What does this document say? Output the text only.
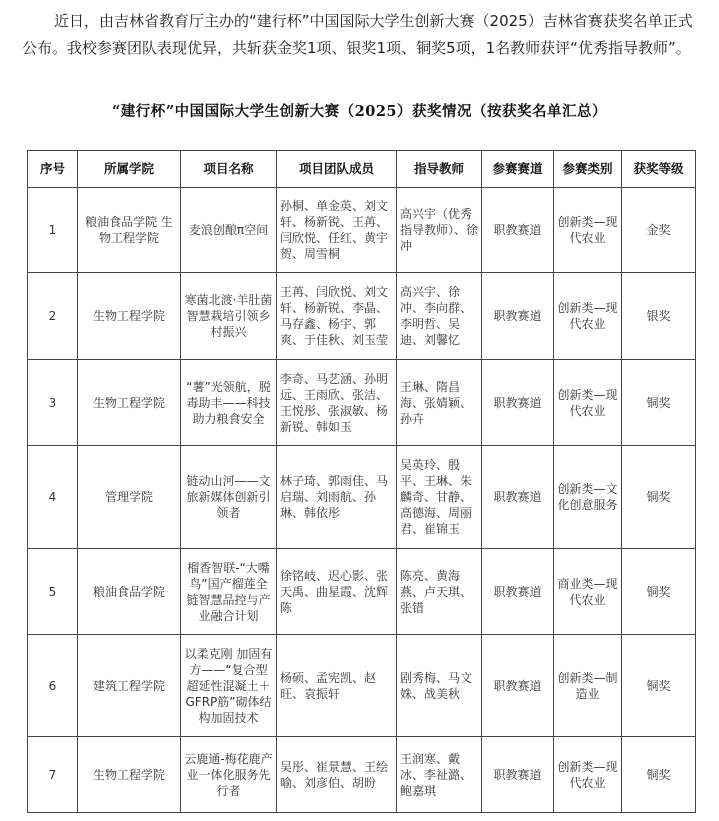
近日，由吉林省教育厅主办的“建行杯”中国国际大学生创新大赛（2025）吉林省赛获奖名单正式公布。我校参赛团队表现优异，共斩获金奖1项、银奖1项、铜奖5项，1名教师获评“优秀指导教师”。

“建行杯”中国国际大学生创新大赛（2025）获奖情况（按获奖名单汇总）
序号	所属学院	项目名称	项目团队成员	指导教师	参赛赛道	参赛类别	获奖等级
1	粮油食品学院 生物工程学院	麦浪创酿π空间	孙桐、单金英、刘文轩、杨新锐、王苒、闫欣悦、任红、黄宇贺、周雪桐	高兴宇（优秀指导教师）、徐 冲	职教赛道	创新类—现代农业	金奖
2	生物工程学院	寒菌北渡·羊肚菌智慧栽培引领乡村振兴	王苒、闫欣悦、刘文轩、杨新锐、李晶、马存鑫、杨宇、郭爽、于佳秋、刘玉莹	高兴宇、徐冲、李向群、李明哲、吴迪、刘馨忆	职教赛道	创新类—现代农业	银奖
3	生物工程学院	“薯”光领航，脱毒助丰——科技助力粮食安全	李奇、马艺涵、孙明远、王雨欣、张洁、王悦彤、张淑敏、杨新锐、韩如玉	王琳、隋昌海、张婧颖、孙卉	职教赛道	创新类—现代农业	铜奖
4	管理学院	链动山河——文旅新媒体创新引领者	林子琦、郭雨佳、马启瑞、刘雨航、孙琳、韩依彤	吴英玲、殷平、王琳、朱麟奇、甘静、高德海、周丽君、崔锦玉	职教赛道	创新类—文化创意服务	铜奖
5	粮油食品学院	榴香智联-“大嘴鸟”国产榴莲全链智慧品控与产业融合计划	徐铭岐、迟心影、张天禹、曲星霞、沈辉陈	陈亮、黄海燕、卢天琪、张错	职教赛道	商业类—现代农业	铜奖
6	建筑工程学院	以柔克刚 加固有方——“复合型超延性混凝土＋GFRP筋”砌体结构加固技术	杨硕、孟宪凯、赵旺、袁振轩	剧秀梅、马文姝、战美秋	职教赛道	创新类—制造业	铜奖
7	生物工程学院	云鹿通-梅花鹿产业一体化服务先行者	吴彤、崔景慧、王绘喻、刘彦伯、胡昐	王润寒、戴冰、李祉潞、鲍嘉琪	职教赛道	创新类—现代农业	铜奖
